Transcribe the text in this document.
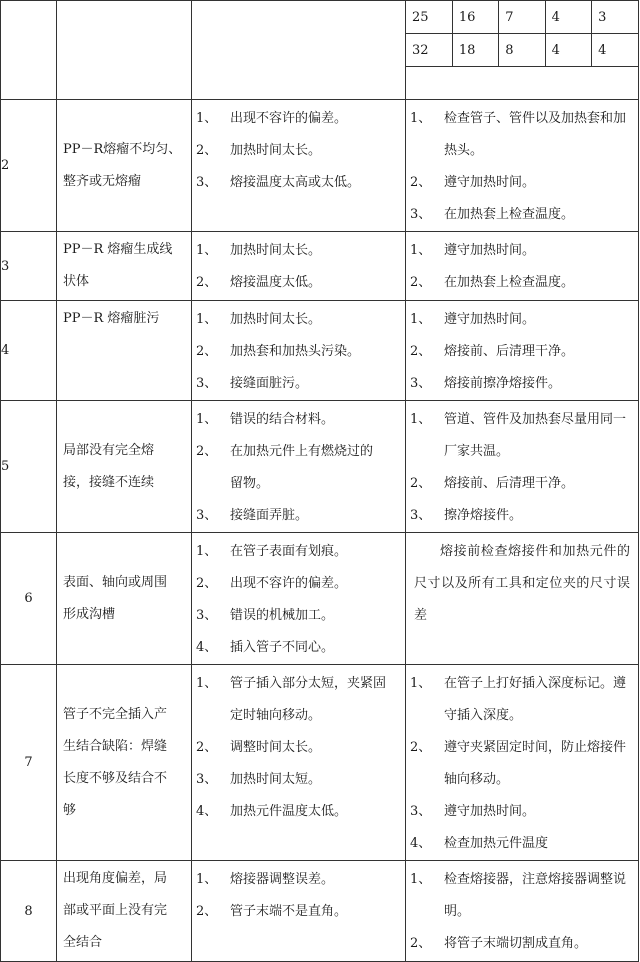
25	16	7	4	3
32	18	8	4	4

2	
PP－R熔瘤不均匀、
整齐或无熔瘤

1、 出现不容许的偏差。
2、 加热时间太长。
3、 熔接温度太高或太低。

1、 检查管子、管件以及加热套和加
热头。
2、 遵守加热时间。
3、 在加热套上检查温度。

3	
PP－R 熔瘤生成线
状体

1、 加热时间太长。
2、 熔接温度太低。

1、 遵守加热时间。
2、 在加热套上检查温度。

4	
PP－R 熔瘤脏污	1、 加热时间太长。
2、 加热套和加热头污染。
3、 接缝面脏污。

1、 遵守加热时间。
2、 熔接前、后清理干净。
3、 熔接前擦净熔接件。

5	
局部没有完全熔
接，接缝不连续

1、 错误的结合材料。
2、 在加热元件上有燃烧过的
留物。
3、 接缝面弄脏。

1、 管道、管件及加热套尽量用同一
厂家共温。
2、 熔接前、后清理干净。
3、 擦净熔接件。

6	
表面、轴向或周围
形成沟槽

1、 在管子表面有划痕。
2、 出现不容许的偏差。
3、 错误的机械加工。
4、 插入管子不同心。

熔接前检查熔接件和加热元件的尺寸以及所有工具和定位夹的尺寸误差

7	
管子不完全插入产
生结合缺陷：焊缝
长度不够及结合不
够

1、 管子插入部分太短，夹紧固
定时轴向移动。
2、 调整时间太长。
3、 加热时间太短。
4、 加热元件温度太低。

1、 在管子上打好插入深度标记。遵
守插入深度。
2、 遵守夹紧固定时间，防止熔接件
轴向移动。
3、 遵守加热时间。
4、 检查加热元件温度

8	
出现角度偏差，局
部或平面上没有完
全结合

1、 熔接器调整误差。
2、 管子末端不是直角。

1、 检查熔接器，注意熔接器调整说
明。
2、 将管子末端切割成直角。
